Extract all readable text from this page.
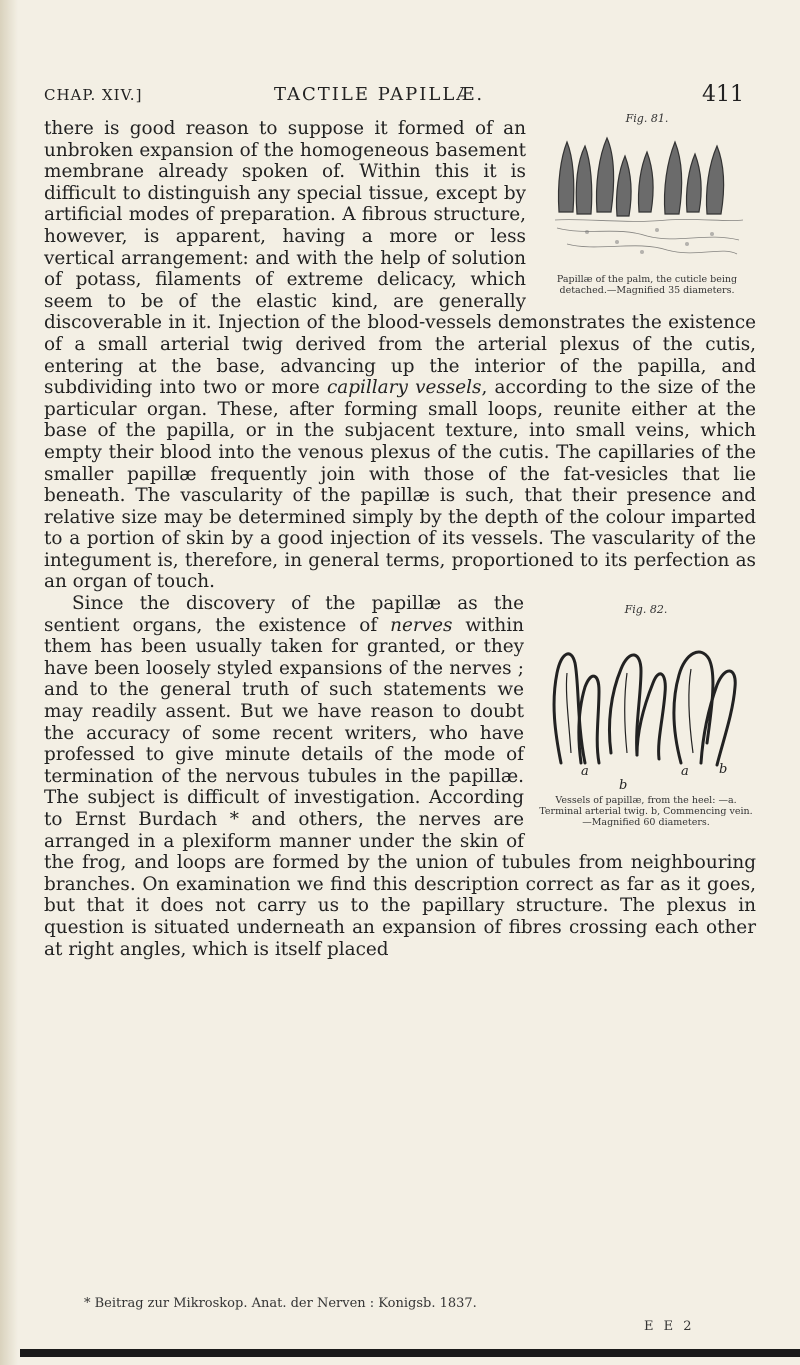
CHAP. XIV.]	TACTILE PAPILLÆ.	411
Fig. 81.
Papillæ of the palm, the cuticle being detached.—Magnified 35 diameters.

there is good reason to suppose it formed of an unbroken expansion of the homogeneous basement membrane already spoken of. Within this it is difficult to distinguish any special tissue, except by artificial modes of preparation. A fibrous structure, however, is apparent, having a more or less vertical arrangement: and with the help of solution of potass, filaments of extreme delicacy, which seem to be of the elastic kind, are generally discoverable in it. Injection of the blood-vessels demonstrates the existence of a small arterial twig derived from the arterial plexus of the cutis, entering at the base, advancing up the interior of the papilla, and subdividing into two or more capillary vessels, according to the size of the particular organ. These, after forming small loops, reunite either at the base of the papilla, or in the subjacent texture, into small veins, which empty their blood into the venous plexus of the cutis. The capillaries of the smaller papillæ frequently join with those of the fat-vesicles that lie beneath. The vascularity of the papillæ is such, that their presence and relative size may be determined simply by the depth of the colour imparted to a portion of skin by a good injection of its vessels. The vascularity of the integument is, therefore, in general terms, proportioned to its perfection as an organ of touch.

Fig. 82.
a	a
b
b
Vessels of papillæ, from the heel: —a. Terminal arterial twig. b, Commencing vein.—Magnified 60 diameters.

Since the discovery of the papillæ as the sentient organs, the existence of nerves within them has been usually taken for granted, or they have been loosely styled expansions of the nerves ; and to the general truth of such statements we may readily assent. But we have reason to doubt the accuracy of some recent writers, who have professed to give minute details of the mode of termination of the nervous tubules in the papillæ. The subject is difficult of investigation. According to Ernst Burdach * and others, the nerves are arranged in a plexiform manner under the skin of the frog, and loops are formed by the union of tubules from neighbouring branches. On examination we find this description correct as far as it goes, but that it does not carry us to the papillary structure. The plexus in question is situated underneath an expansion of fibres crossing each other at right angles, which is itself placed

* Beitrag zur Mikroskop. Anat. der Nerven : Konigsb. 1837.
E E 2
